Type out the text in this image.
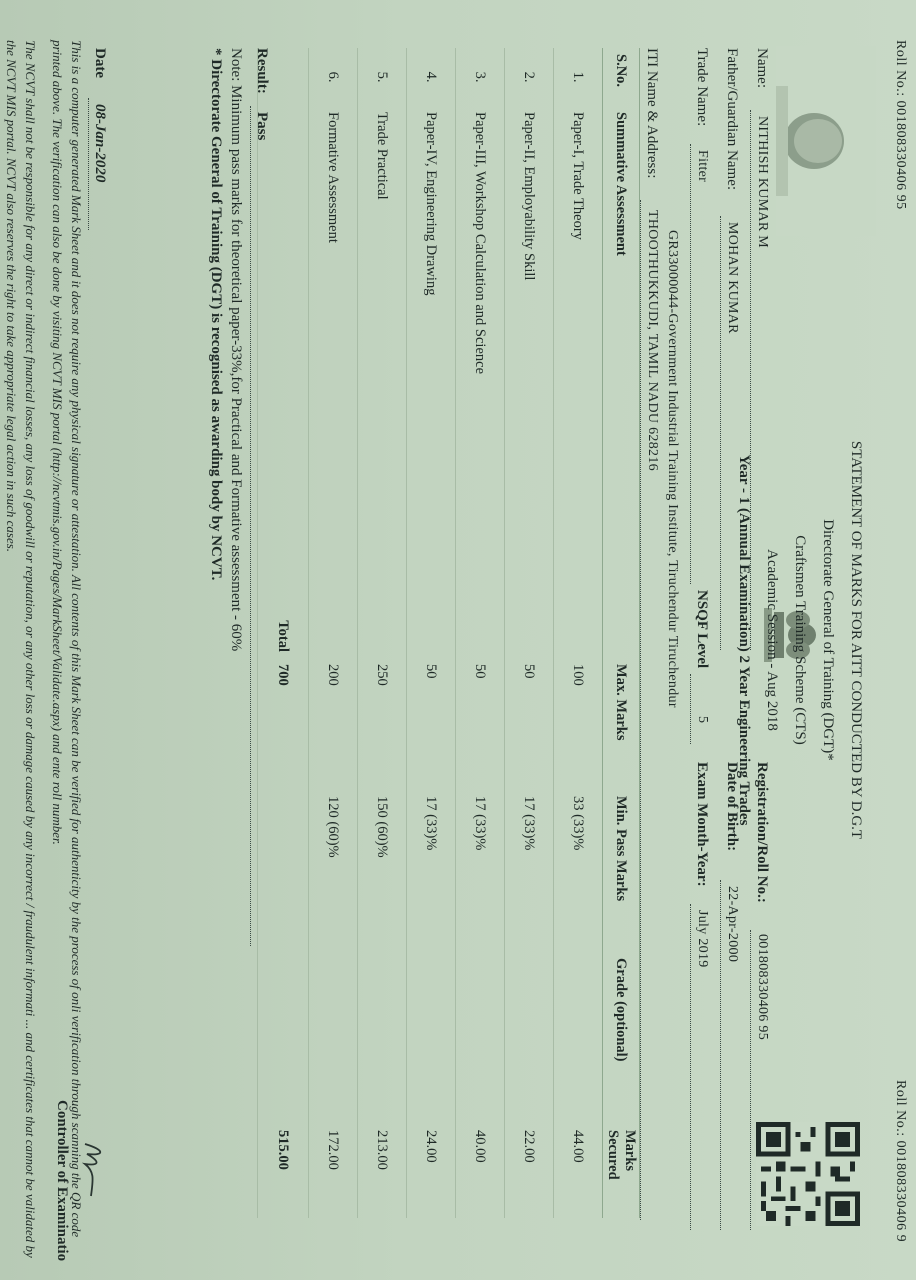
Roll No.: 001808330406 95
Roll No.: 001808330406 9
STATEMENT OF MARKS FOR AITT CONDUCTED BY D.G.T
Directorate General of Training (DGT)*
Craftsmen Training Scheme (CTS)
Academic Session - Aug 2018
Year - 1 (Annual Examination) 2 Year Engineering Trades
Name:
NITHISH KUMAR M
Father/Guardian Name:
MOHAN KUMAR
Trade Name:
Fitter
NSQF Level
5
GR33000044-Government Industrial Training Institute, Tiruchendur Tiruchendur
ITI Name & Address:
THOOTHUKKUDI, TAMIL NADU 628216
Registration/Roll No.:
001808330406 95
Date of Birth:
22-Apr-2000
Exam Month-Year:
July 2019
S.No.	Summative Assessment	Max. Marks	Min. Pass Marks	Grade (optional)	Marks Secured
1.	Paper-I, Trade Theory	100	33 (33)%		44.00
2.	Paper-II, Employability Skill	50	17 (33)%		22.00
3.	Paper-III, Workshop Calculation and Science	50	17 (33)%		40.00
4.	Paper-IV, Engineering Drawing	50	17 (33)%		24.00
5.	Trade Practical	250	150 (60)%		213.00
6.	Formative Assessment	200	120 (60)%		172.00
	Total	700			515.00
Result:
Pass
Note: Minimum pass marks for theoretical paper-33%,for Practical and Formative assessment - 60%
* Directorate General of Training (DGT) is recognised as awarding body by NCVT.
Date
08-Jan-2020
Controller of Examinatio This is a computer generated Mark Sheet and it does not require any physical signature or attestation. All contents of this Mark Sheet can be verified for authenticity by the process of onli verification through scanning the QR code printed above. The verification can also be done by visiting NCVT MIS portal (http://ncvtmis.gov.in/Pages/MarkSheet/Validate.aspx) and ente roll number.
The NCVT shall not be responsible for any direct or indirect financial losses, any loss of goodwill or reputation, or any other loss or damage caused by any incorrect / fraudulent informati ... and certificates that cannot be validated by the NCVT MIS portal. NCVT also reserves the right to take appropriate legal action in such cases.
